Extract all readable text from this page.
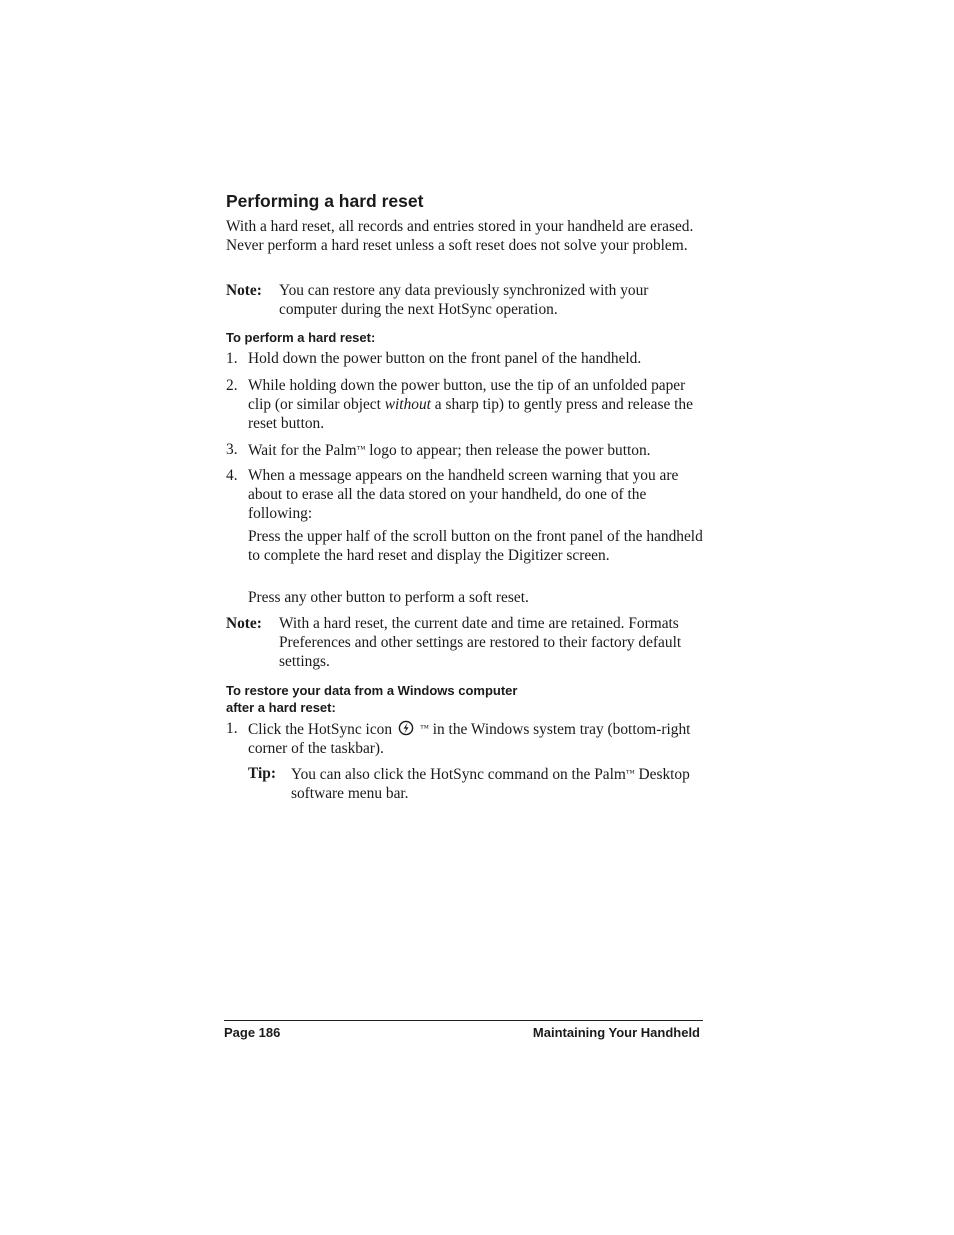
Performing a hard reset

With a hard reset, all records and entries stored in your handheld are erased. Never perform a hard reset unless a soft reset does not solve your problem.

Note: You can restore any data previously synchronized with your computer during the next HotSync operation.
To perform a hard reset:
1. Hold down the power button on the front panel of the handheld.
2. While holding down the power button, use the tip of an unfolded paper clip (or similar object without a sharp tip) to gently press and release the reset button.
3. Wait for the Palm™ logo to appear; then release the power button.
4. When a message appears on the handheld screen warning that you are about to erase all the data stored on your handheld, do one of the following:

Press the upper half of the scroll button on the front panel of the handheld to complete the hard reset and display the Digitizer screen.

Press any other button to perform a soft reset.

Note: With a hard reset, the current date and time are retained. Formats Preferences and other settings are restored to their factory default settings.
To restore your data from a Windows computer
after a hard reset:
1. Click the HotSync icon	™ in the Windows system tray (bottom-right corner of the taskbar).
Tip: You can also click the HotSync command on the Palm™ Desktop software menu bar.
Page 186	Maintaining Your Handheld
